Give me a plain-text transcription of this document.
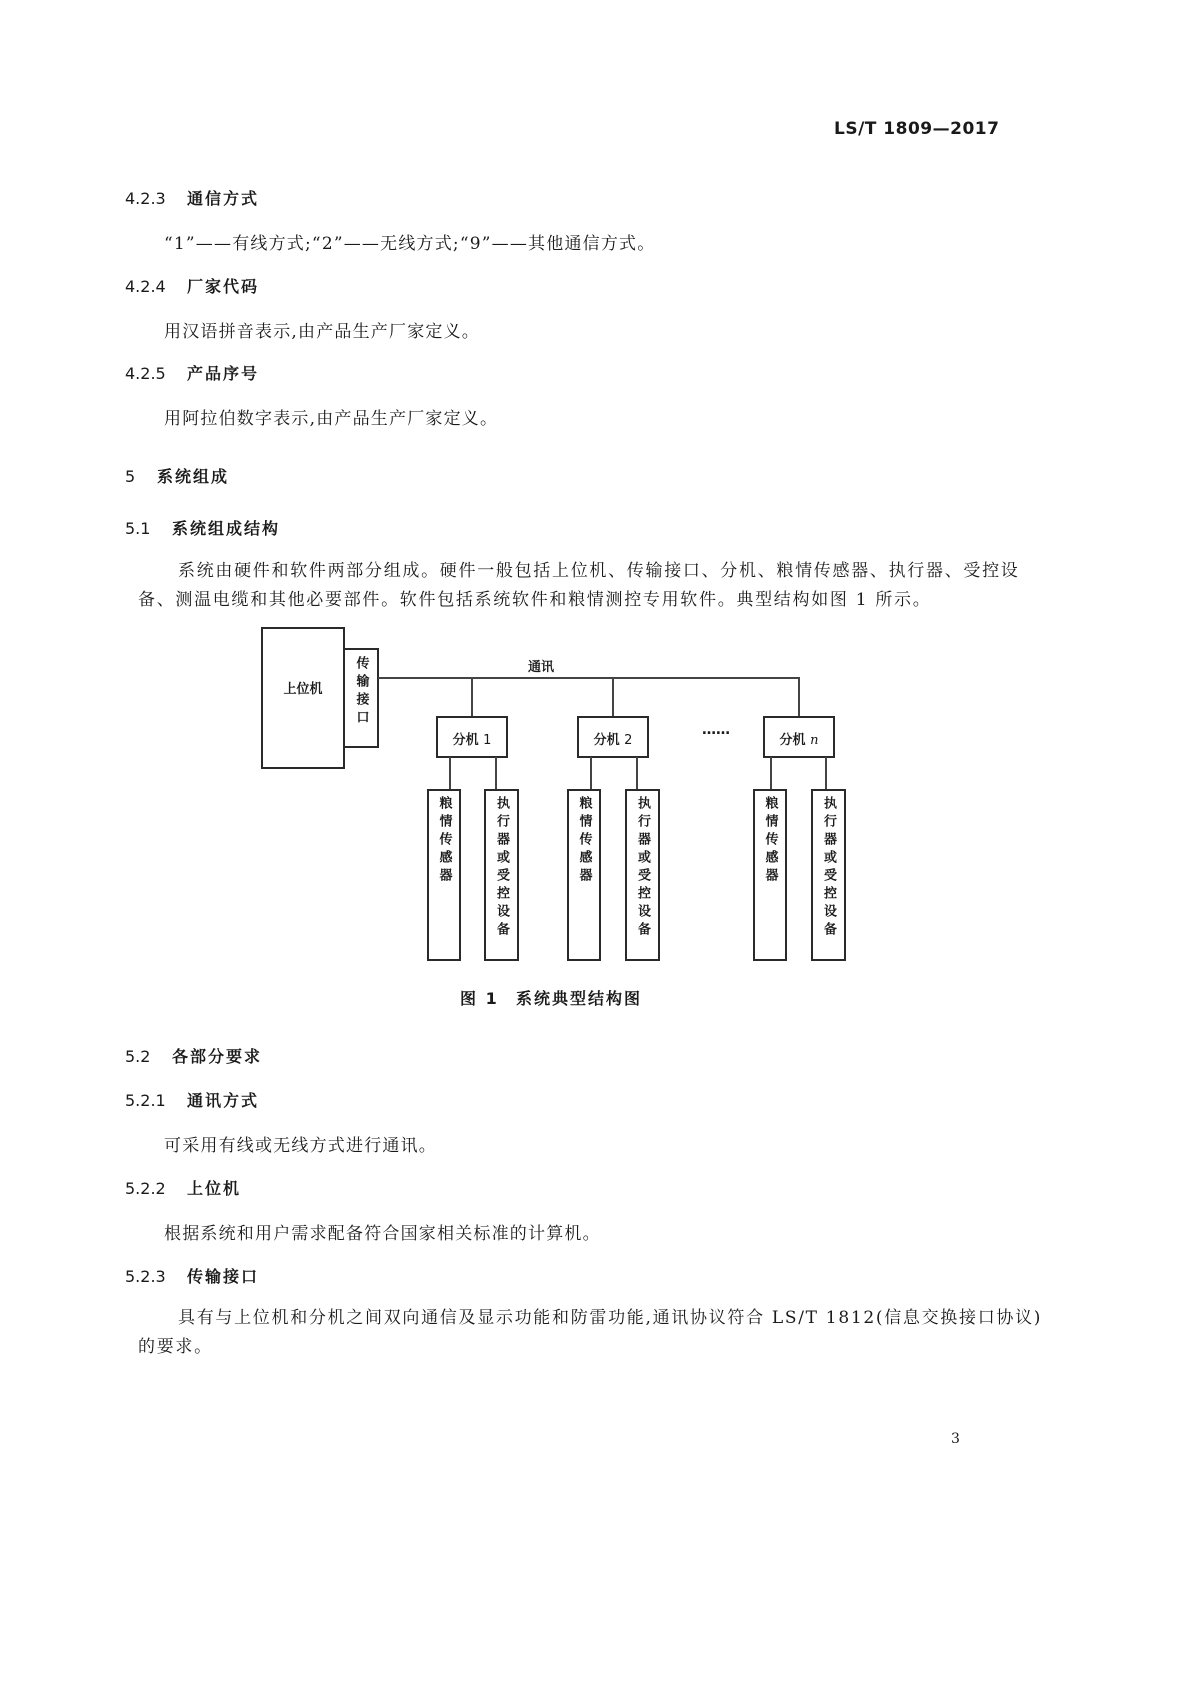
LS/T 1809—2017
4.2.3 通信方式
“1”——有线方式;“2”——无线方式;“9”——其他通信方式。
4.2.4 厂家代码
用汉语拼音表示,由产品生产厂家定义。
4.2.5 产品序号
用阿拉伯数字表示,由产品生产厂家定义。
5 系统组成
5.1 系统组成结构
系统由硬件和软件两部分组成。硬件一般包括上位机、传输接口、分机、粮情传感器、执行器、受控设备、测温电缆和其他必要部件。软件包括系统软件和粮情测控专用软件。典型结构如图 1 所示。
上位机 传输接口	通讯
分机 1
粮情传感器	执行器或受控设备
分机 2
粮情传感器	执行器或受控设备
……
分机 n
粮情传感器	执行器或受控设备
图 1 系统典型结构图
5.2 各部分要求
5.2.1 通讯方式
可采用有线或无线方式进行通讯。
5.2.2 上位机
根据系统和用户需求配备符合国家相关标准的计算机。
5.2.3 传输接口
具有与上位机和分机之间双向通信及显示功能和防雷功能,通讯协议符合 LS/T 1812(信息交换接口协议)的要求。
3
